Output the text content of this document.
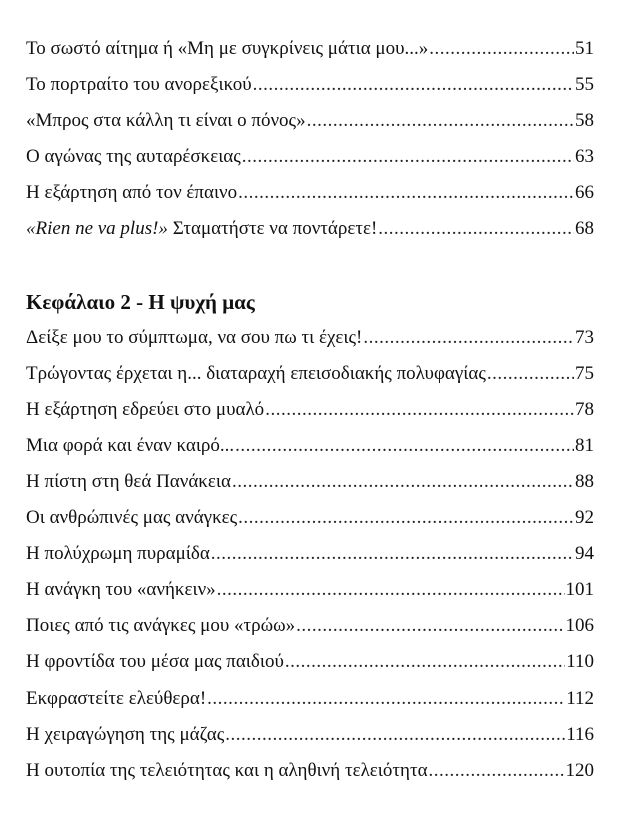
Το σωστό αίτημα ή «Μη με συγκρίνεις μάτια μου...» .....	51
Το πορτραίτο του ανορεξικού .....	55
«Μπρος στα κάλλη τι είναι ο πόνος» .....	58
Ο αγώνας της αυταρέσκειας .....	63
Η εξάρτηση από τον έπαινο .....	66
«Rien ne va plus!» Σταματήστε να ποντάρετε! .....	68
Κεφάλαιο 2 - Η ψυχή μας
Δείξε μου το σύμπτωμα, να σου πω τι έχεις! .....	73
Τρώγοντας έρχεται η... διαταραχή επεισοδιακής πολυφαγίας .....	75
Η εξάρτηση εδρεύει στο μυαλό .....	78
Μια φορά και έναν καιρό... .....	81
Η πίστη στη θεά Πανάκεια .....	88
Οι ανθρώπινές μας ανάγκες .....	92
Η πολύχρωμη πυραμίδα .....	94
Η ανάγκη του «ανήκειν» .....	101
Ποιες από τις ανάγκες μου «τρώω» .....	106
Η φροντίδα του μέσα μας παιδιού .....	110
Εκφραστείτε ελεύθερα! .....	112
Η χειραγώγηση της μάζας .....	116
Η ουτοπία της τελειότητας και η αληθινή τελειότητα .....	120
